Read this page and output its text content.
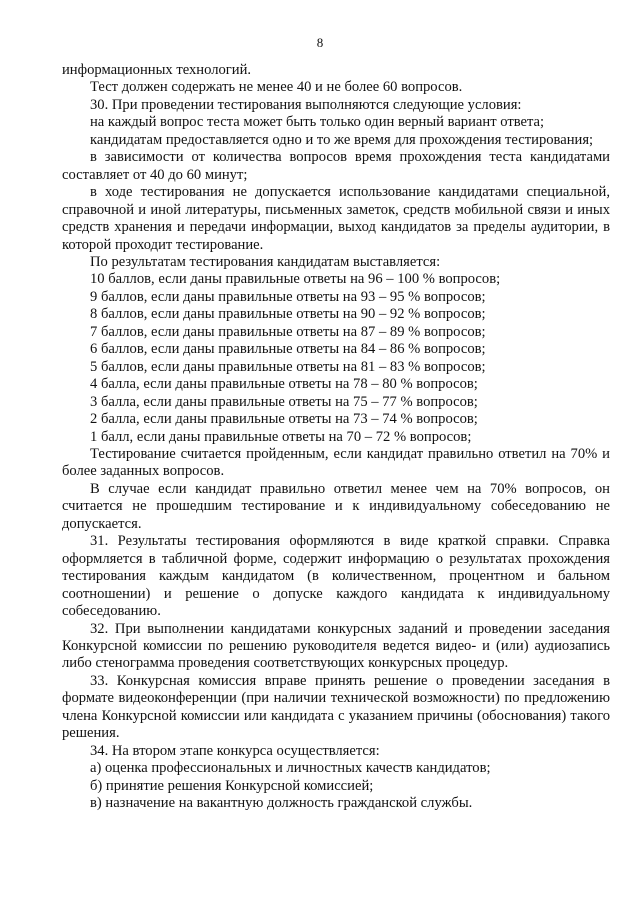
8

информационных технологий.

Тест должен содержать не менее 40 и не более 60 вопросов.

30. При проведении тестирования выполняются следующие условия:

на каждый вопрос теста может быть только один верный вариант ответа;

кандидатам предоставляется одно и то же время для прохождения тестирования;

в зависимости от количества вопросов время прохождения теста кандидатами составляет от 40 до 60 минут;

в ходе тестирования не допускается использование кандидатами специальной, справочной и иной литературы, письменных заметок, средств мобильной связи и иных средств хранения и передачи информации, выход кандидатов за пределы аудитории, в которой проходит тестирование.

По результатам тестирования кандидатам выставляется:

10 баллов, если даны правильные ответы на 96 – 100 % вопросов;

9 баллов, если даны правильные ответы на 93 – 95 % вопросов;

8 баллов, если даны правильные ответы на 90 – 92 % вопросов;

7 баллов, если даны правильные ответы на 87 – 89 % вопросов;

6 баллов, если даны правильные ответы на 84 – 86 % вопросов;

5 баллов, если даны правильные ответы на 81 – 83 % вопросов;

4 балла, если даны правильные ответы на 78 – 80 % вопросов;

3 балла, если даны правильные ответы на 75 – 77 % вопросов;

2 балла, если даны правильные ответы на 73 – 74 % вопросов;

1 балл, если даны правильные ответы на 70 – 72 % вопросов;

Тестирование считается пройденным, если кандидат правильно ответил на 70% и более заданных вопросов.

В случае если кандидат правильно ответил менее чем на 70% вопросов, он считается не прошедшим тестирование и к индивидуальному собеседованию не допускается.

31. Результаты тестирования оформляются в виде краткой справки. Справка оформляется в табличной форме, содержит информацию о результатах прохождения тестирования каждым кандидатом (в количественном, процентном и бальном соотношении) и решение о допуске каждого кандидата к индивидуальному собеседованию.

32. При выполнении кандидатами конкурсных заданий и проведении заседания Конкурсной комиссии по решению руководителя ведется видео- и (или) аудиозапись либо стенограмма проведения соответствующих конкурсных процедур.

33. Конкурсная комиссия вправе принять решение о проведении заседания в формате видеоконференции (при наличии технической возможности) по предложению члена Конкурсной комиссии или кандидата с указанием причины (обоснования) такого решения.

34. На втором этапе конкурса осуществляется:

а) оценка профессиональных и личностных качеств кандидатов;

б) принятие решения Конкурсной комиссией;

в) назначение на вакантную должность гражданской службы.
